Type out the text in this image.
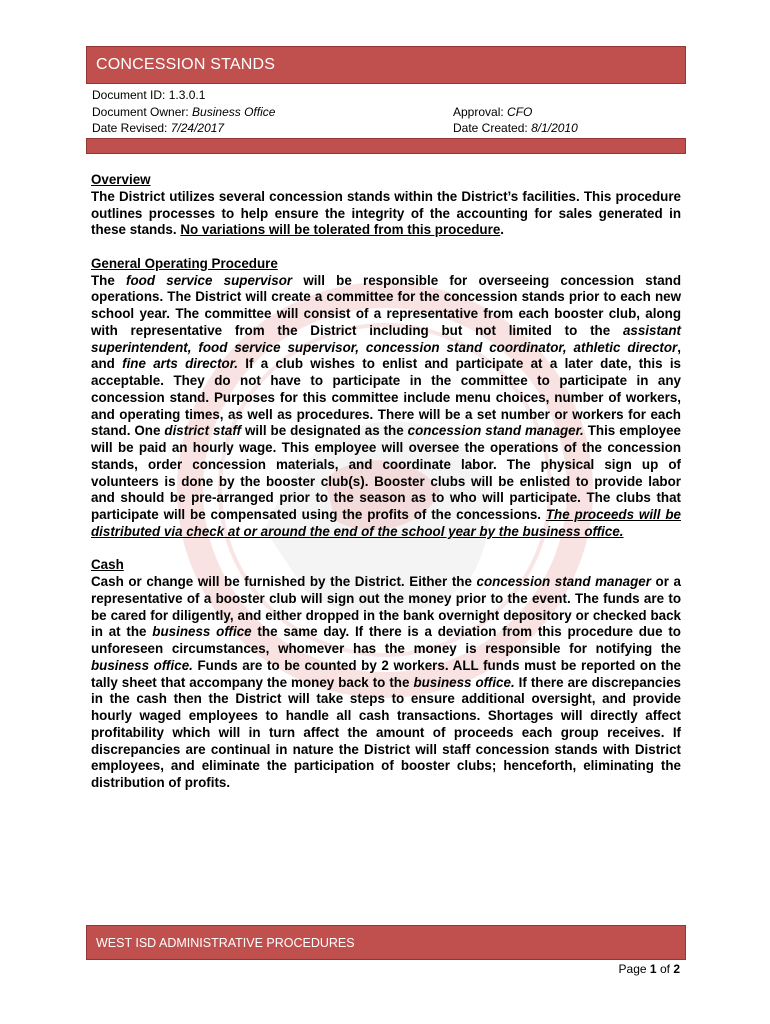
CONCESSION STANDS
Document ID: 1.3.0.1
Document Owner: Business Office	Approval: CFO
Date Revised: 7/24/2017	Date Created: 8/1/2010
Overview

The District utilizes several concession stands within the District’s facilities. This procedure outlines processes to help ensure the integrity of the accounting for sales generated in these stands. No variations will be tolerated from this procedure.

General Operating Procedure

The food service supervisor will be responsible for overseeing concession stand operations. The District will create a committee for the concession stands prior to each new school year. The committee will consist of a representative from each booster club, along with representative from the District including but not limited to the assistant superintendent, food service supervisor, concession stand coordinator, athletic director, and fine arts director. If a club wishes to enlist and participate at a later date, this is acceptable. They do not have to participate in the committee to participate in any concession stand. Purposes for this committee include menu choices, number of workers, and operating times, as well as procedures. There will be a set number or workers for each stand. One district staff will be designated as the concession stand manager. This employee will be paid an hourly wage. This employee will oversee the operations of the concession stands, order concession materials, and coordinate labor. The physical sign up of volunteers is done by the booster club(s). Booster clubs will be enlisted to provide labor and should be pre-arranged prior to the season as to who will participate. The clubs that participate will be compensated using the profits of the concessions. The proceeds will be distributed via check at or around the end of the school year by the business office.

Cash

Cash or change will be furnished by the District. Either the concession stand manager or a representative of a booster club will sign out the money prior to the event. The funds are to be cared for diligently, and either dropped in the bank overnight depository or checked back in at the business office the same day. If there is a deviation from this procedure due to unforeseen circumstances, whomever has the money is responsible for notifying the business office. Funds are to be counted by 2 workers. ALL funds must be reported on the tally sheet that accompany the money back to the business office. If there are discrepancies in the cash then the District will take steps to ensure additional oversight, and provide hourly waged employees to handle all cash transactions. Shortages will directly affect profitability which will in turn affect the amount of proceeds each group receives. If discrepancies are continual in nature the District will staff concession stands with District employees, and eliminate the participation of booster clubs; henceforth, eliminating the distribution of profits.

WEST ISD ADMINISTRATIVE PROCEDURES
Page 1 of 2
